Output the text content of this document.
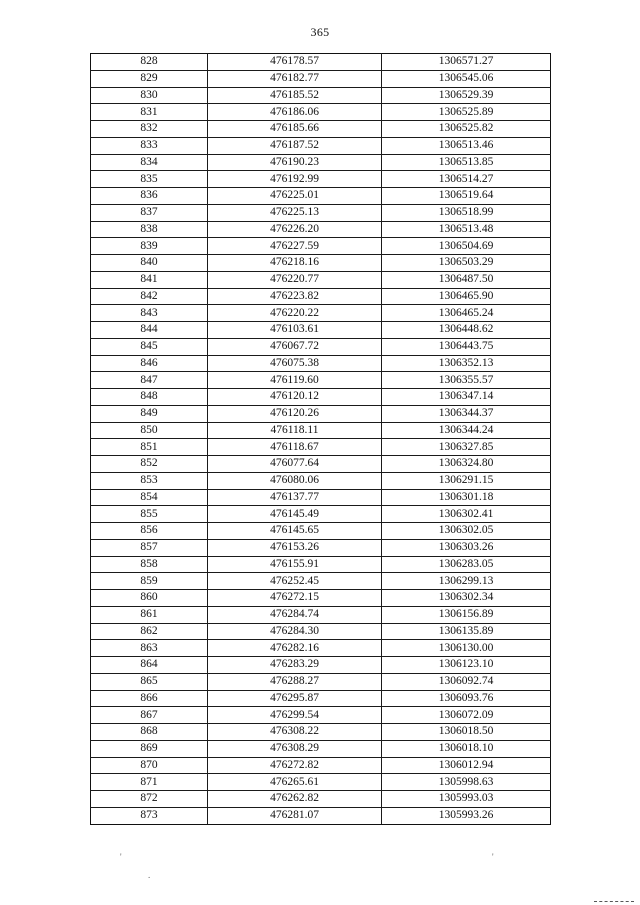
365
828	476178.57	1306571.27
829	476182.77	1306545.06
830	476185.52	1306529.39
831	476186.06	1306525.89
832	476185.66	1306525.82
833	476187.52	1306513.46
834	476190.23	1306513.85
835	476192.99	1306514.27
836	476225.01	1306519.64
837	476225.13	1306518.99
838	476226.20	1306513.48
839	476227.59	1306504.69
840	476218.16	1306503.29
841	476220.77	1306487.50
842	476223.82	1306465.90
843	476220.22	1306465.24
844	476103.61	1306448.62
845	476067.72	1306443.75
846	476075.38	1306352.13
847	476119.60	1306355.57
848	476120.12	1306347.14
849	476120.26	1306344.37
850	476118.11	1306344.24
851	476118.67	1306327.85
852	476077.64	1306324.80
853	476080.06	1306291.15
854	476137.77	1306301.18
855	476145.49	1306302.41
856	476145.65	1306302.05
857	476153.26	1306303.26
858	476155.91	1306283.05
859	476252.45	1306299.13
860	476272.15	1306302.34
861	476284.74	1306156.89
862	476284.30	1306135.89
863	476282.16	1306130.00
864	476283.29	1306123.10
865	476288.27	1306092.74
866	476295.87	1306093.76
867	476299.54	1306072.09
868	476308.22	1306018.50
869	476308.29	1306018.10
870	476272.82	1306012.94
871	476265.61	1305998.63
872	476262.82	1305993.03
873	476281.07	1305993.26
'
.
'
